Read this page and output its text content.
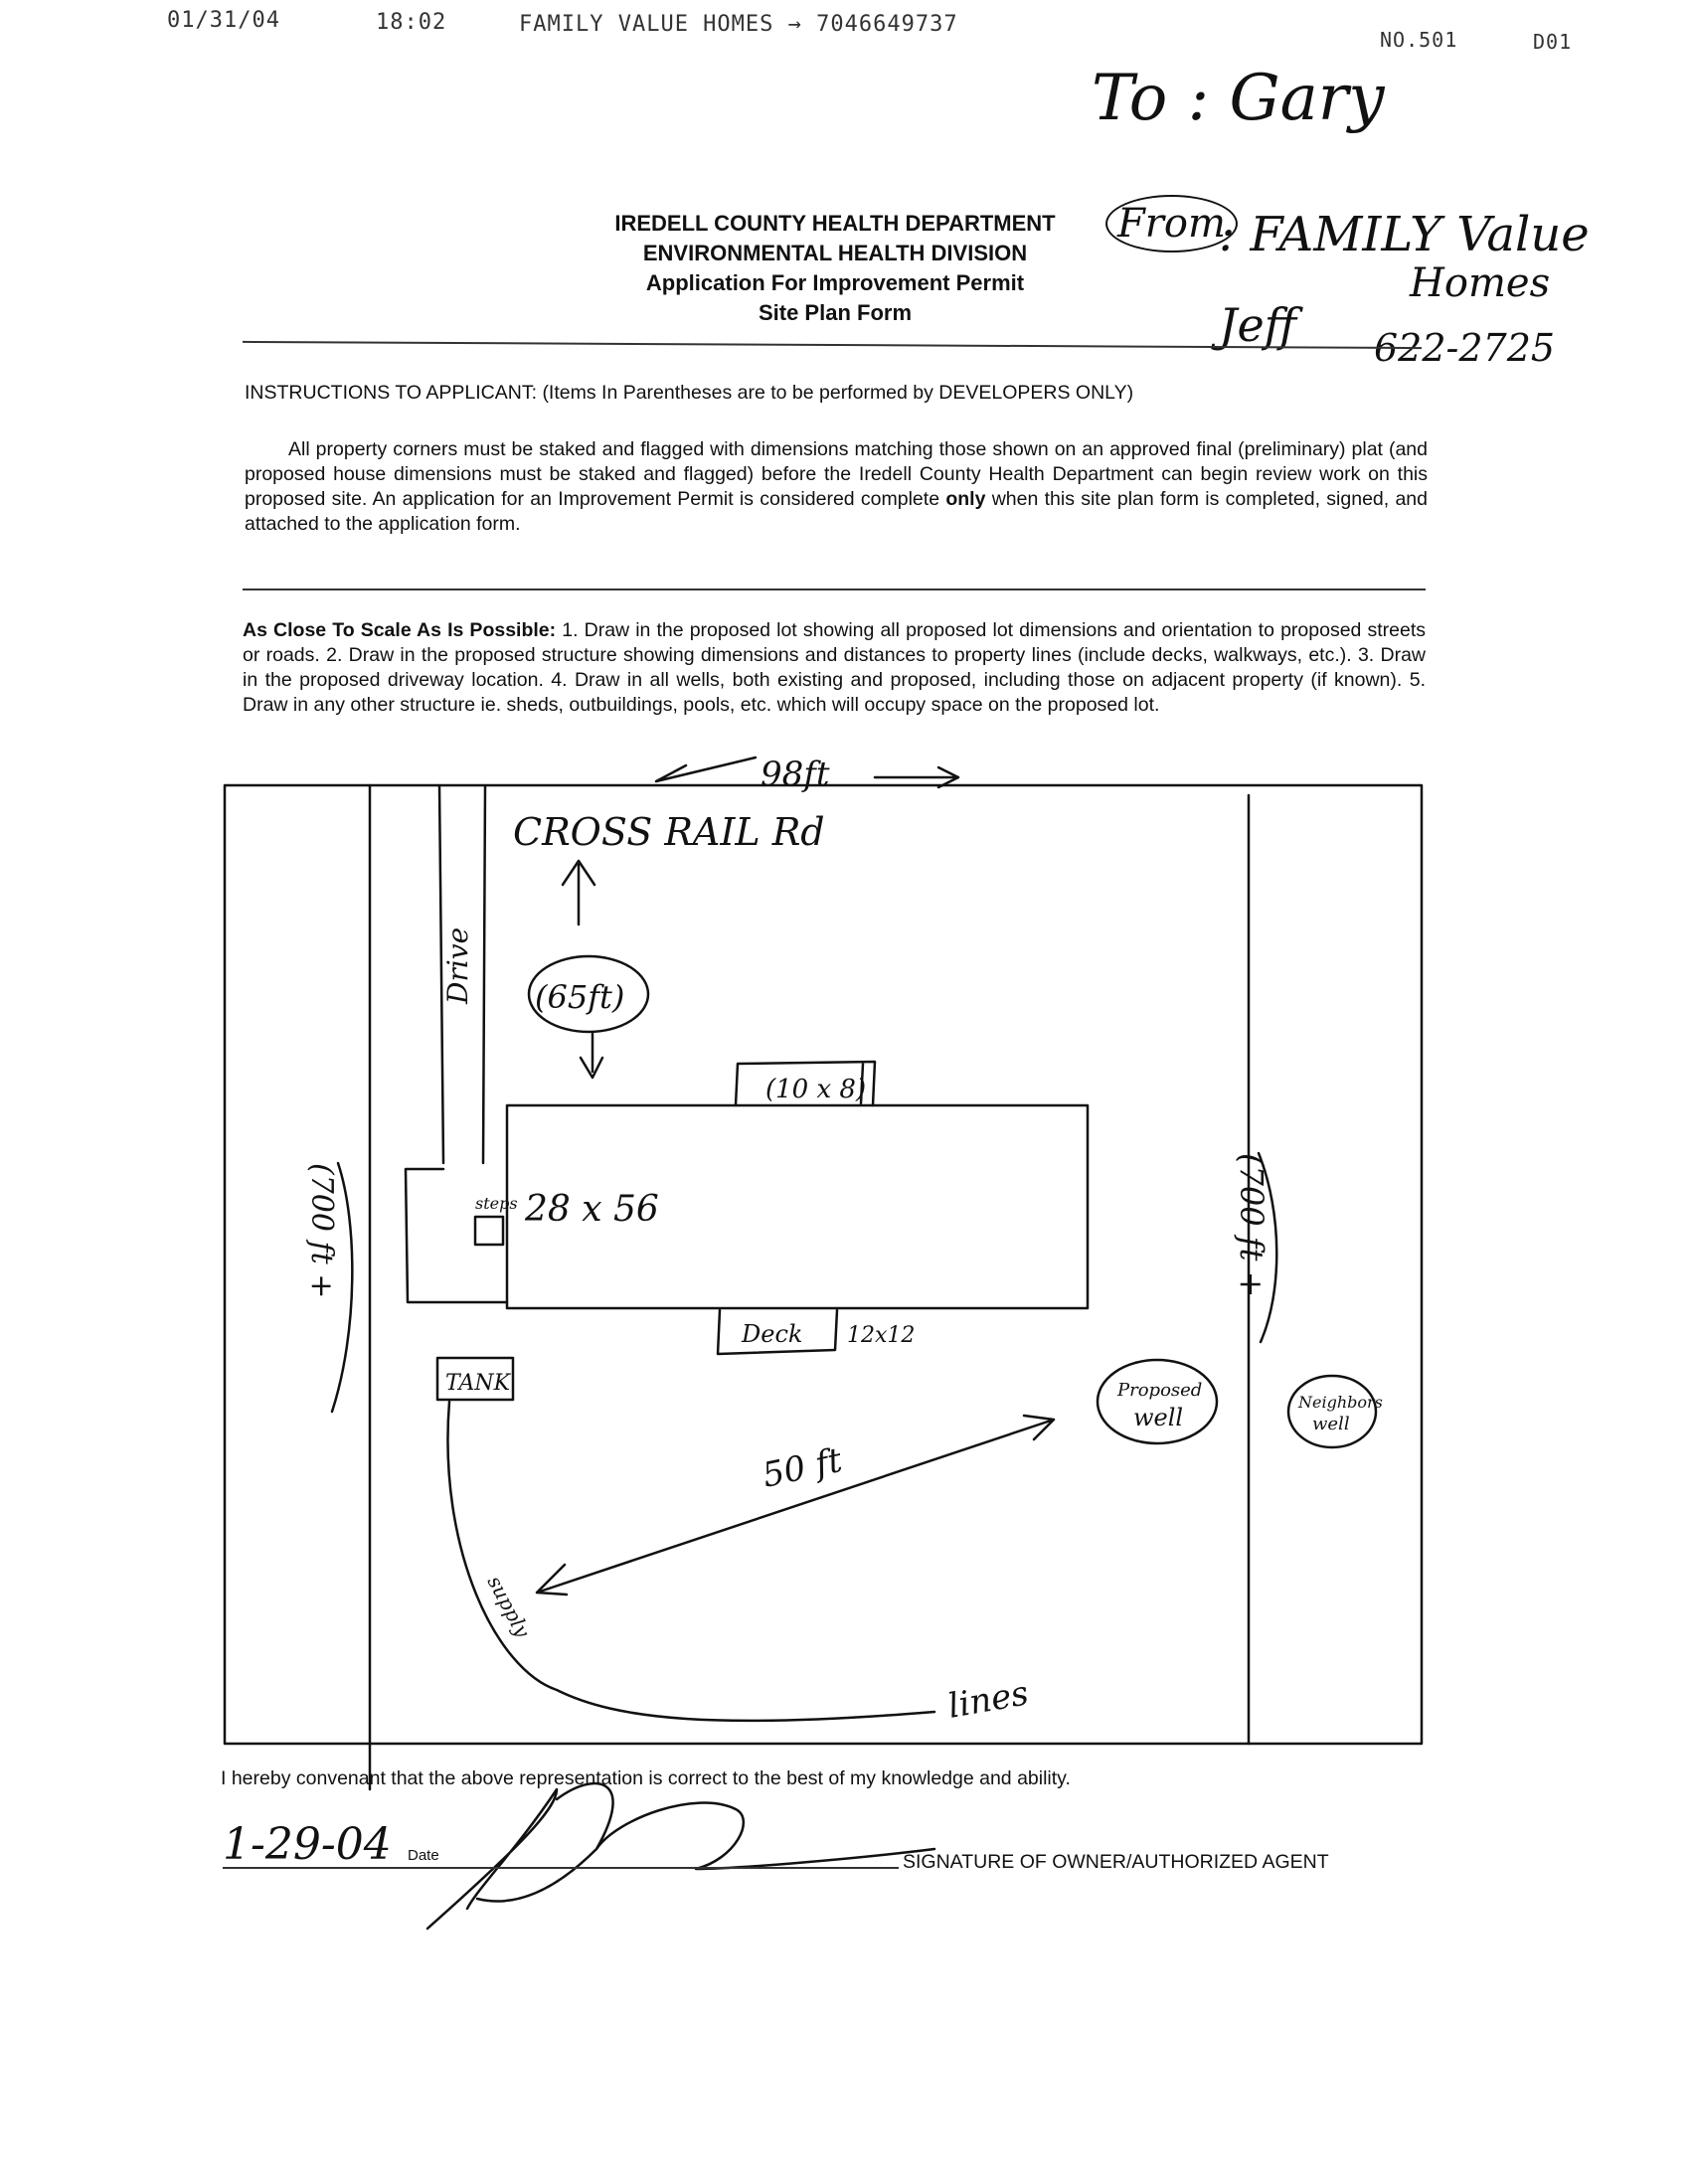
01/31/04	18:02	FAMILY VALUE HOMES → 7046649737
NO.501	D01
To : Gary
From
: FAMILY Value
Homes
Jeff 622-2725
IREDELL COUNTY HEALTH DEPARTMENT
ENVIRONMENTAL HEALTH DIVISION
Application For Improvement Permit
Site Plan Form
INSTRUCTIONS TO APPLICANT: (Items In Parentheses are to be performed by DEVELOPERS ONLY)
All property corners must be staked and flagged with dimensions matching those shown on an approved final (preliminary) plat (and proposed house dimensions must be staked and flagged) before the Iredell County Health Department can begin review work on this proposed site. An application for an Improvement Permit is considered complete only when this site plan form is completed, signed, and attached to the application form.
As Close To Scale As Is Possible: 1. Draw in the proposed lot showing all proposed lot dimensions and orientation to proposed streets or roads. 2. Draw in the proposed structure showing dimensions and distances to property lines (include decks, walkways, etc.). 3. Draw in the proposed driveway location. 4. Draw in all wells, both existing and proposed, including those on adjacent property (if known). 5. Draw in any other structure ie. sheds, outbuildings, pools, etc. which will occupy space on the proposed lot.
98ft
CROSS RAIL Rd
(65ft)
Drive
28 x 56
(10 x 8)
steps
Deck 12x12
(700 ft +	(700 ft +
TANK	Proposed
well
Neighbors
well
50 ft
supply
lines
I hereby convenant that the above representation is correct to the best of my knowledge and ability.
1-29-04 Date	SIGNATURE OF OWNER/AUTHORIZED AGENT
